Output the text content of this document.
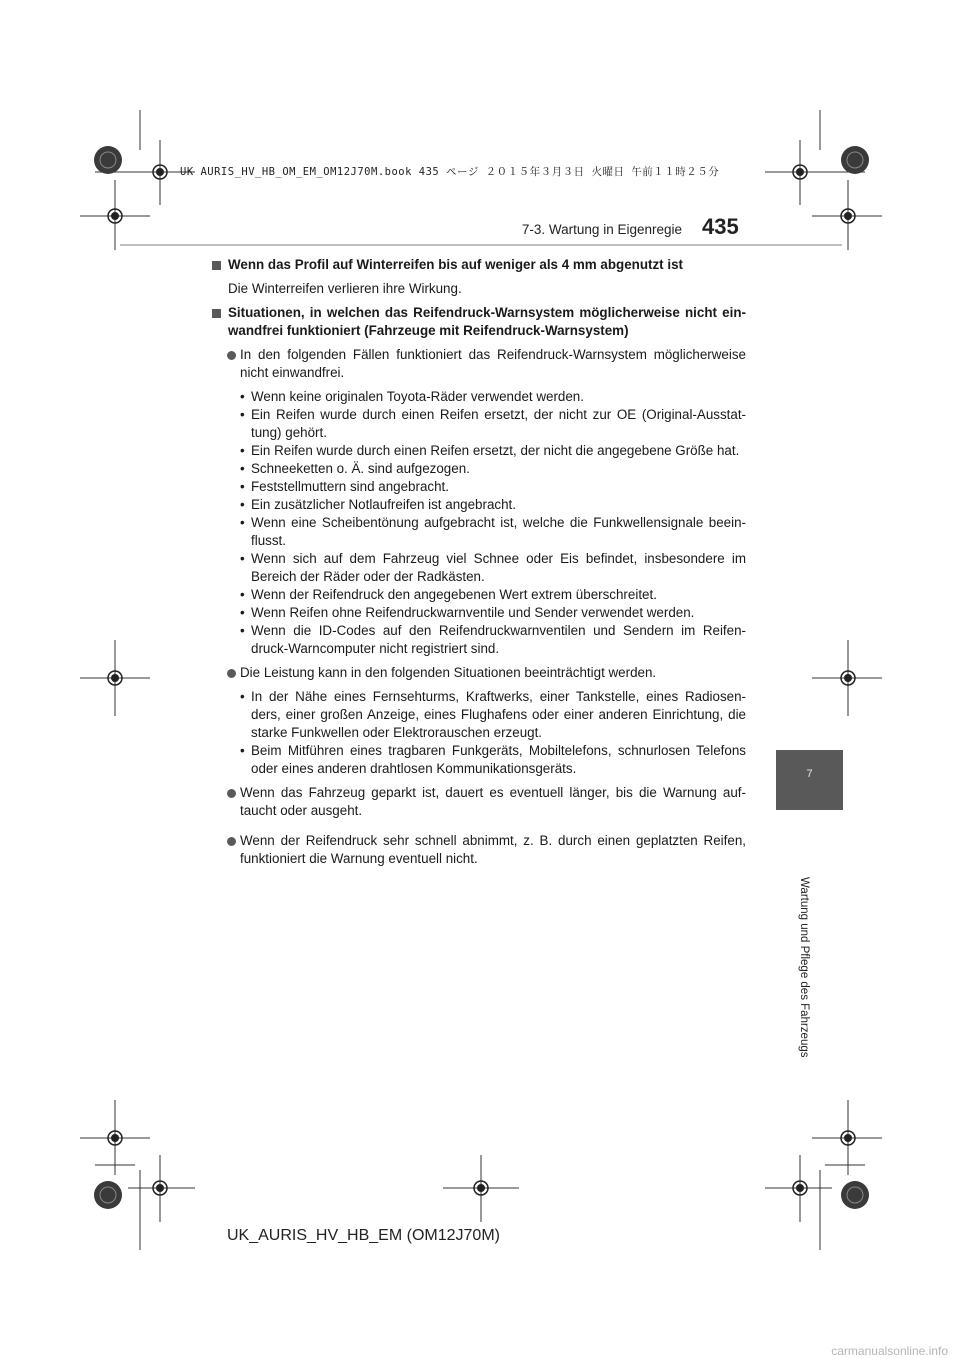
UK AURIS_HV_HB_OM_EM_OM12J70M.book 435 ページ ２０１５年３月３日 火曜日 午前１１時２５分
7-3. Wartung in Eigenregie 435
7
Wartung und Pflege des Fahrzeugs
Wenn das Profil auf Winterreifen bis auf weniger als 4 mm abgenutzt ist
Die Winterreifen verlieren ihre Wirkung.
Situationen, in welchen das Reifendruck-Warnsystem möglicherweise nicht ein-wandfrei funktioniert (Fahrzeuge mit Reifendruck-Warnsystem)
In den folgenden Fällen funktioniert das Reifendruck-Warnsystem möglicherweise nicht einwandfrei.
• Wenn keine originalen Toyota-Räder verwendet werden.
• Ein Reifen wurde durch einen Reifen ersetzt, der nicht zur OE (Original-Ausstat-tung) gehört.
• Ein Reifen wurde durch einen Reifen ersetzt, der nicht die angegebene Größe hat.
• Schneeketten o. Ä. sind aufgezogen.
• Feststellmuttern sind angebracht.
• Ein zusätzlicher Notlaufreifen ist angebracht.
• Wenn eine Scheibentönung aufgebracht ist, welche die Funkwellensignale beein-flusst.
• Wenn sich auf dem Fahrzeug viel Schnee oder Eis befindet, insbesondere im Bereich der Räder oder der Radkästen.
• Wenn der Reifendruck den angegebenen Wert extrem überschreitet.
• Wenn Reifen ohne Reifendruckwarnventile und Sender verwendet werden.
• Wenn die ID-Codes auf den Reifendruckwarnventilen und Sendern im Reifen-druck-Warncomputer nicht registriert sind.
Die Leistung kann in den folgenden Situationen beeinträchtigt werden.
• In der Nähe eines Fernsehturms, Kraftwerks, einer Tankstelle, eines Radiosen-ders, einer großen Anzeige, eines Flughafens oder einer anderen Einrichtung, die starke Funkwellen oder Elektrorauschen erzeugt.
• Beim Mitführen eines tragbaren Funkgeräts, Mobiltelefons, schnurlosen Telefons oder eines anderen drahtlosen Kommunikationsgeräts.
Wenn das Fahrzeug geparkt ist, dauert es eventuell länger, bis die Warnung auf-taucht oder ausgeht.
Wenn der Reifendruck sehr schnell abnimmt, z. B. durch einen geplatzten Reifen, funktioniert die Warnung eventuell nicht.
UK_AURIS_HV_HB_EM (OM12J70M)
carmanualsonline.info
